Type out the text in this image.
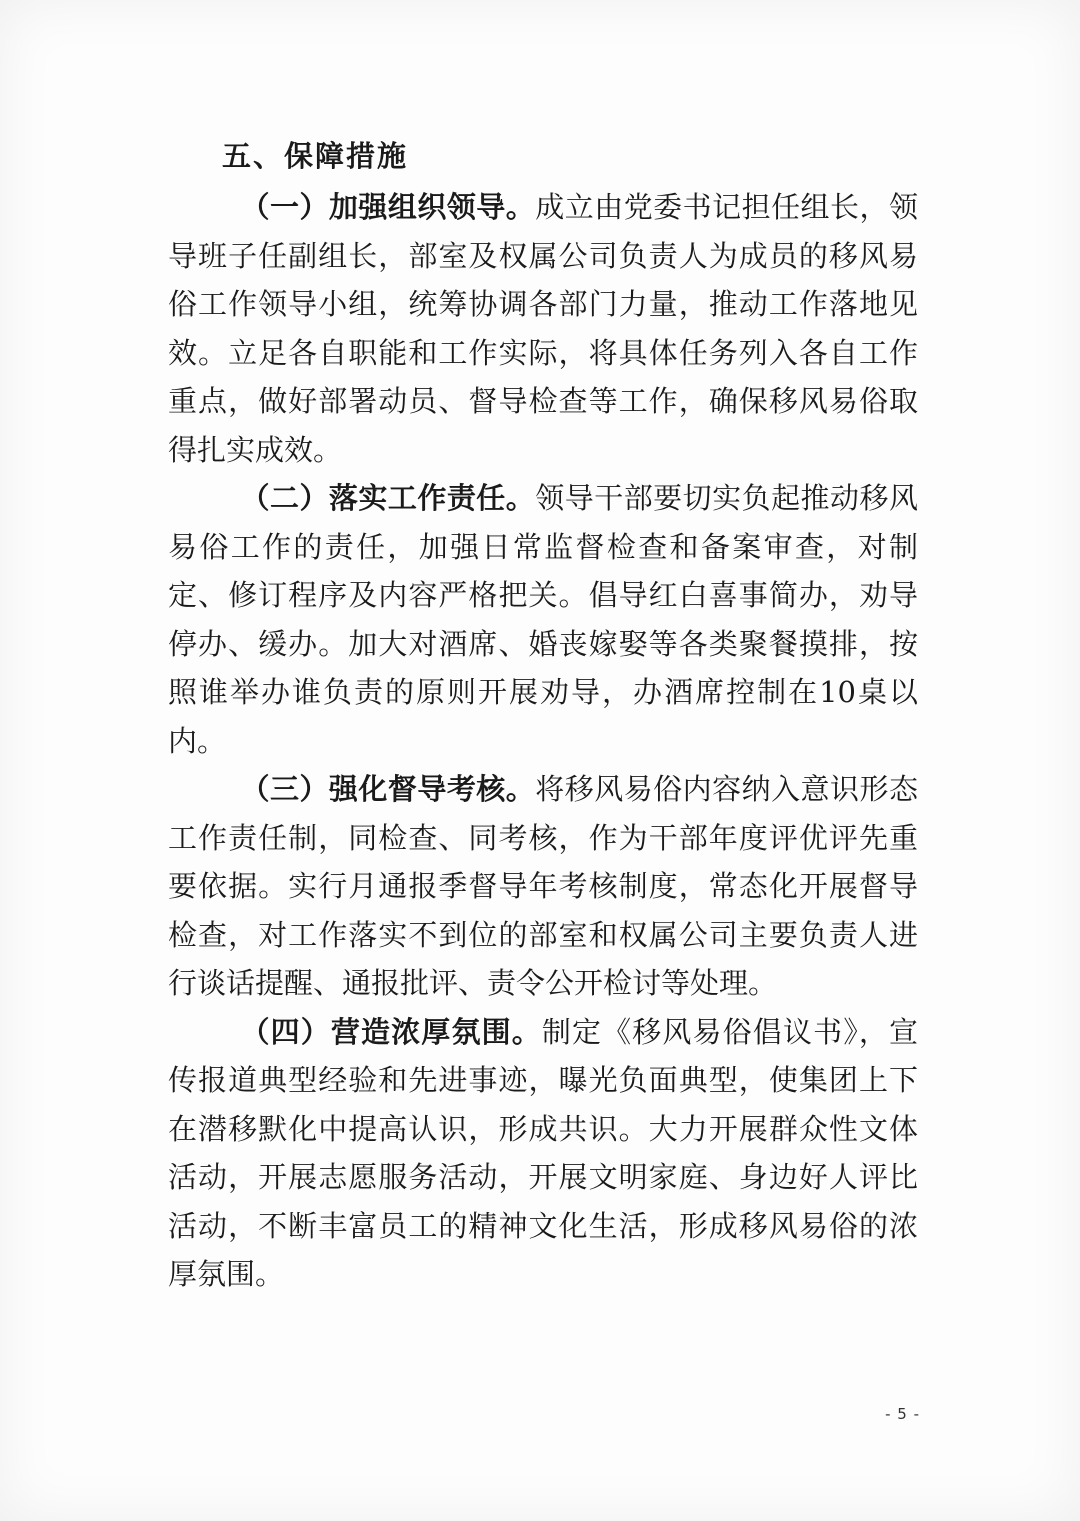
五、保障措施

（一）加强组织领导。成立由党委书记担任组长，领导班子任副组长，部室及权属公司负责人为成员的移风易俗工作领导小组，统筹协调各部门力量，推动工作落地见效。立足各自职能和工作实际，将具体任务列入各自工作重点，做好部署动员、督导检查等工作，确保移风易俗取得扎实成效。

（二）落实工作责任。领导干部要切实负起推动移风易俗工作的责任，加强日常监督检查和备案审查，对制定、修订程序及内容严格把关。倡导红白喜事简办，劝导停办、缓办。加大对酒席、婚丧嫁娶等各类聚餐摸排，按照谁举办谁负责的原则开展劝导，办酒席控制在10桌以内。

（三）强化督导考核。将移风易俗内容纳入意识形态工作责任制，同检查、同考核，作为干部年度评优评先重要依据。实行月通报季督导年考核制度，常态化开展督导检查，对工作落实不到位的部室和权属公司主要负责人进行谈话提醒、通报批评、责令公开检讨等处理。

（四）营造浓厚氛围。制定《移风易俗倡议书》，宣传报道典型经验和先进事迹，曝光负面典型，使集团上下在潜移默化中提高认识，形成共识。大力开展群众性文体活动，开展志愿服务活动，开展文明家庭、身边好人评比活动，不断丰富员工的精神文化生活，形成移风易俗的浓厚氛围。

- 5 -
